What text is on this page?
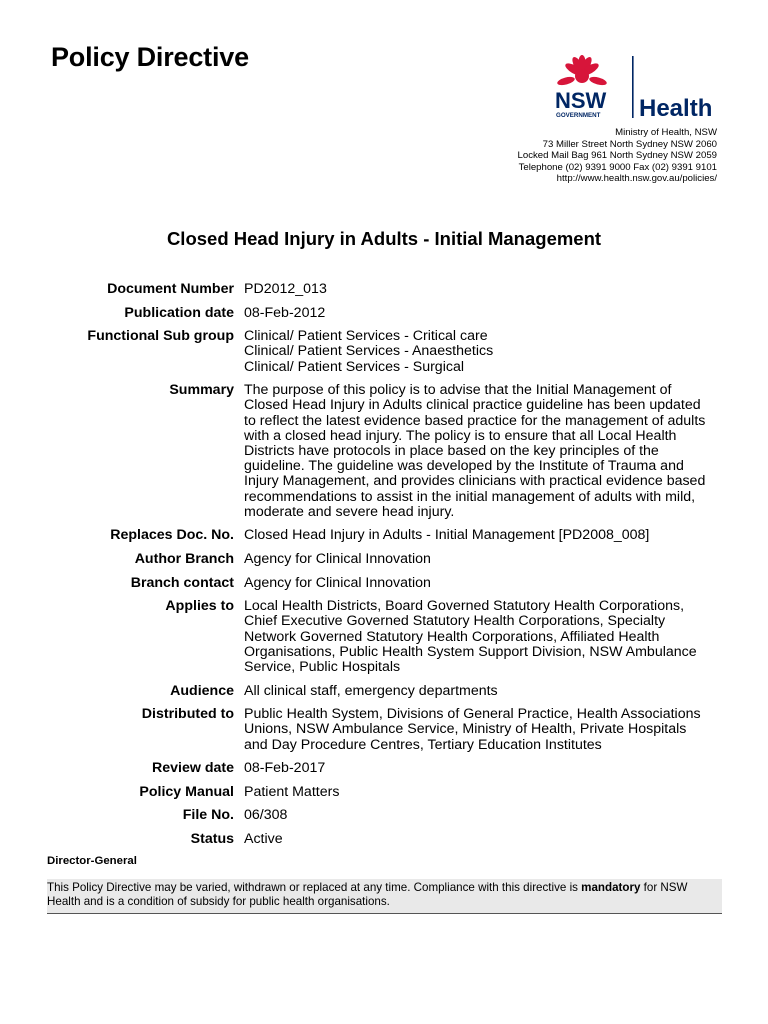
Policy Directive
NSW
GOVERNMENT Health
Ministry of Health, NSW
73 Miller Street North Sydney NSW 2060
Locked Mail Bag 961 North Sydney NSW 2059
Telephone (02) 9391 9000 Fax (02) 9391 9101
http://www.health.nsw.gov.au/policies/
Closed Head Injury in Adults - Initial Management
Document Number PD2012_013
Publication date 08-Feb-2012
Functional Sub group Clinical/ Patient Services - Critical care
Clinical/ Patient Services - Anaesthetics
Clinical/ Patient Services - Surgical
Summary The purpose of this policy is to advise that the Initial Management of
Closed Head Injury in Adults clinical practice guideline has been updated
to reflect the latest evidence based practice for the management of adults
with a closed head injury. The policy is to ensure that all Local Health
Districts have protocols in place based on the key principles of the
guideline. The guideline was developed by the Institute of Trauma and
Injury Management, and provides clinicians with practical evidence based
recommendations to assist in the initial management of adults with mild,
moderate and severe head injury.
Replaces Doc. No. Closed Head Injury in Adults - Initial Management [PD2008_008]
Author Branch Agency for Clinical Innovation
Branch contact Agency for Clinical Innovation
Applies to Local Health Districts, Board Governed Statutory Health Corporations,
Chief Executive Governed Statutory Health Corporations, Specialty
Network Governed Statutory Health Corporations, Affiliated Health
Organisations, Public Health System Support Division, NSW Ambulance
Service, Public Hospitals
Audience All clinical staff, emergency departments
Distributed to Public Health System, Divisions of General Practice, Health Associations
Unions, NSW Ambulance Service, Ministry of Health, Private Hospitals
and Day Procedure Centres, Tertiary Education Institutes
Review date 08-Feb-2017
Policy Manual Patient Matters
File No. 06/308
Status Active
Director-General
This Policy Directive may be varied, withdrawn or replaced at any time. Compliance with this directive is mandatory for NSW Health and is a condition of subsidy for public health organisations.
